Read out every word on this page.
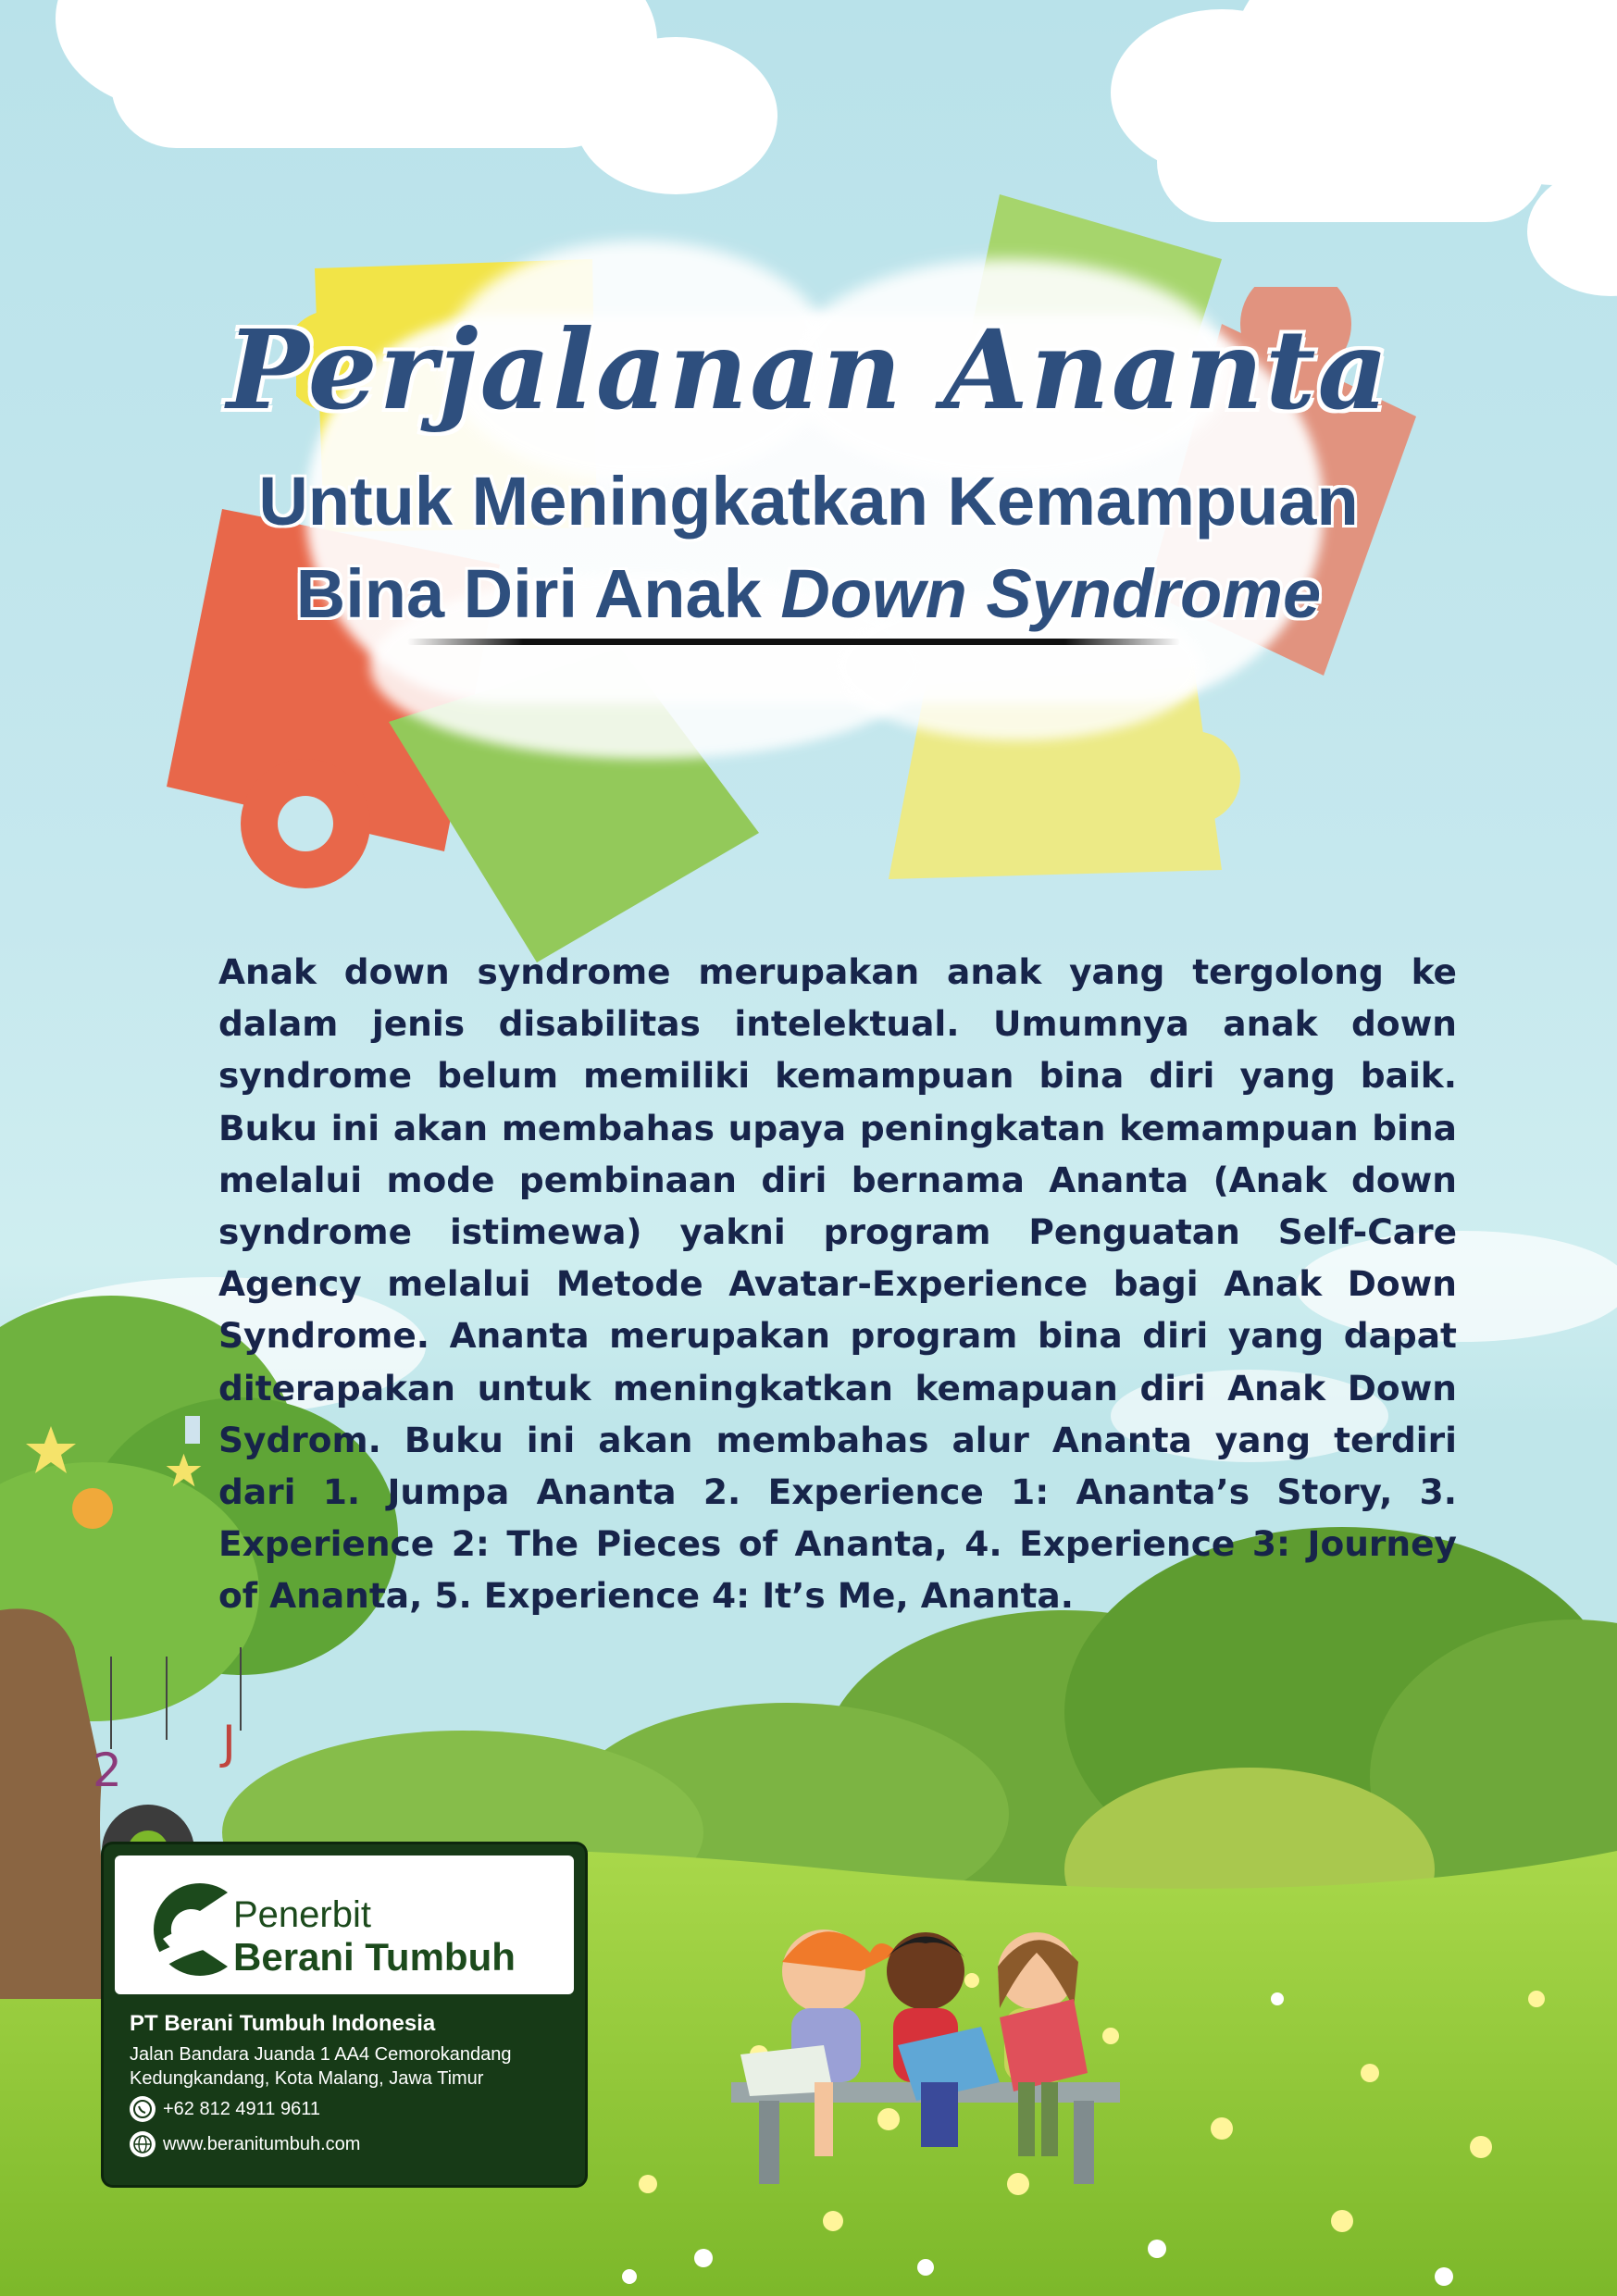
Perjalanan Ananta
Untuk Meningkatkan Kemampuan
Bina Diri Anak Down Syndrome
2
J
Anak down syndrome merupakan anak yang tergolong ke dalam jenis disabilitas intelektual. Umumnya anak down syndrome belum memiliki kemampuan bina diri yang baik. Buku ini akan membahas upaya peningkatan kemampuan bina melalui mode pembinaan diri bernama Ananta (Anak down syndrome istimewa) yakni program Penguatan Self-Care Agency melalui Metode Avatar-Experience bagi Anak Down Syndrome. Ananta merupakan program bina diri yang dapat diterapakan untuk meningkatkan kemapuan diri Anak Down Sydrom. Buku ini akan membahas alur Ananta yang terdiri dari 1. Jumpa Ananta 2. Experience 1: Ananta’s Story, 3. Experience 2: The Pieces of Ananta, 4. Experience 3: Journey of Ananta, 5. Experience 4: It’s Me, Ananta.
Penerbit
Berani Tumbuh
PT Berani Tumbuh Indonesia
Jalan Bandara Juanda 1 AA4 Cemorokandang
Kedungkandang, Kota Malang, Jawa Timur
+62 812 4911 9611
www.beranitumbuh.com
